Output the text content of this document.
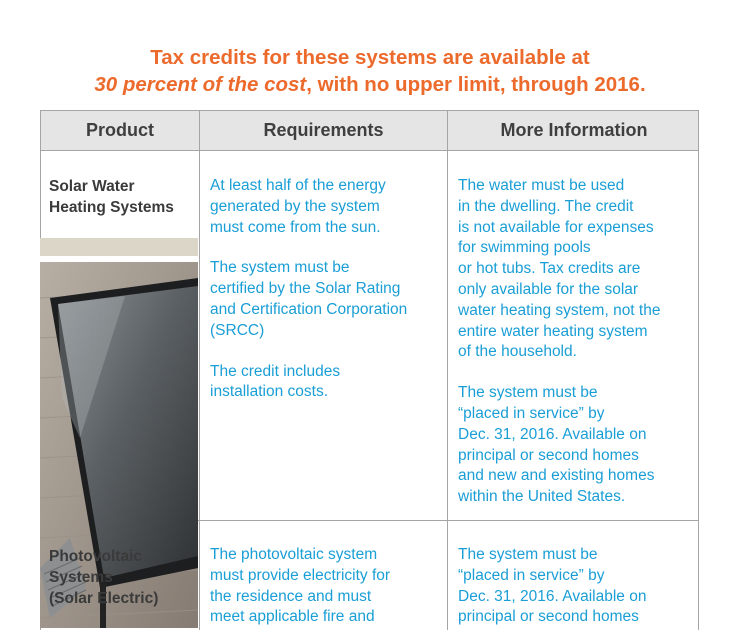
Tax credits for these systems are available at
30 percent of the cost, with no upper limit, through 2016.
Product	Requirements	More Information
Solar Water
Heating Systems

At least half of the energy
generated by the system
must come from the sun.

The system must be
certified by the Solar Rating
and Certification Corporation
(SRCC)

The credit includes
installation costs.

The water must be used
in the dwelling. The credit
is not available for expenses
for swimming pools
or hot tubs. Tax credits are
only available for the solar
water heating system, not the
entire water heating system
of the household.

The system must be
“placed in service” by
Dec. 31, 2016. Available on
principal or second homes
and new and existing homes
within the United States.

Photovoltaic
Systems
(Solar Electric)

The photovoltaic system
must provide electricity for
the residence and must
meet applicable fire and

The system must be
“placed in service” by
Dec. 31, 2016. Available on
principal or second homes
